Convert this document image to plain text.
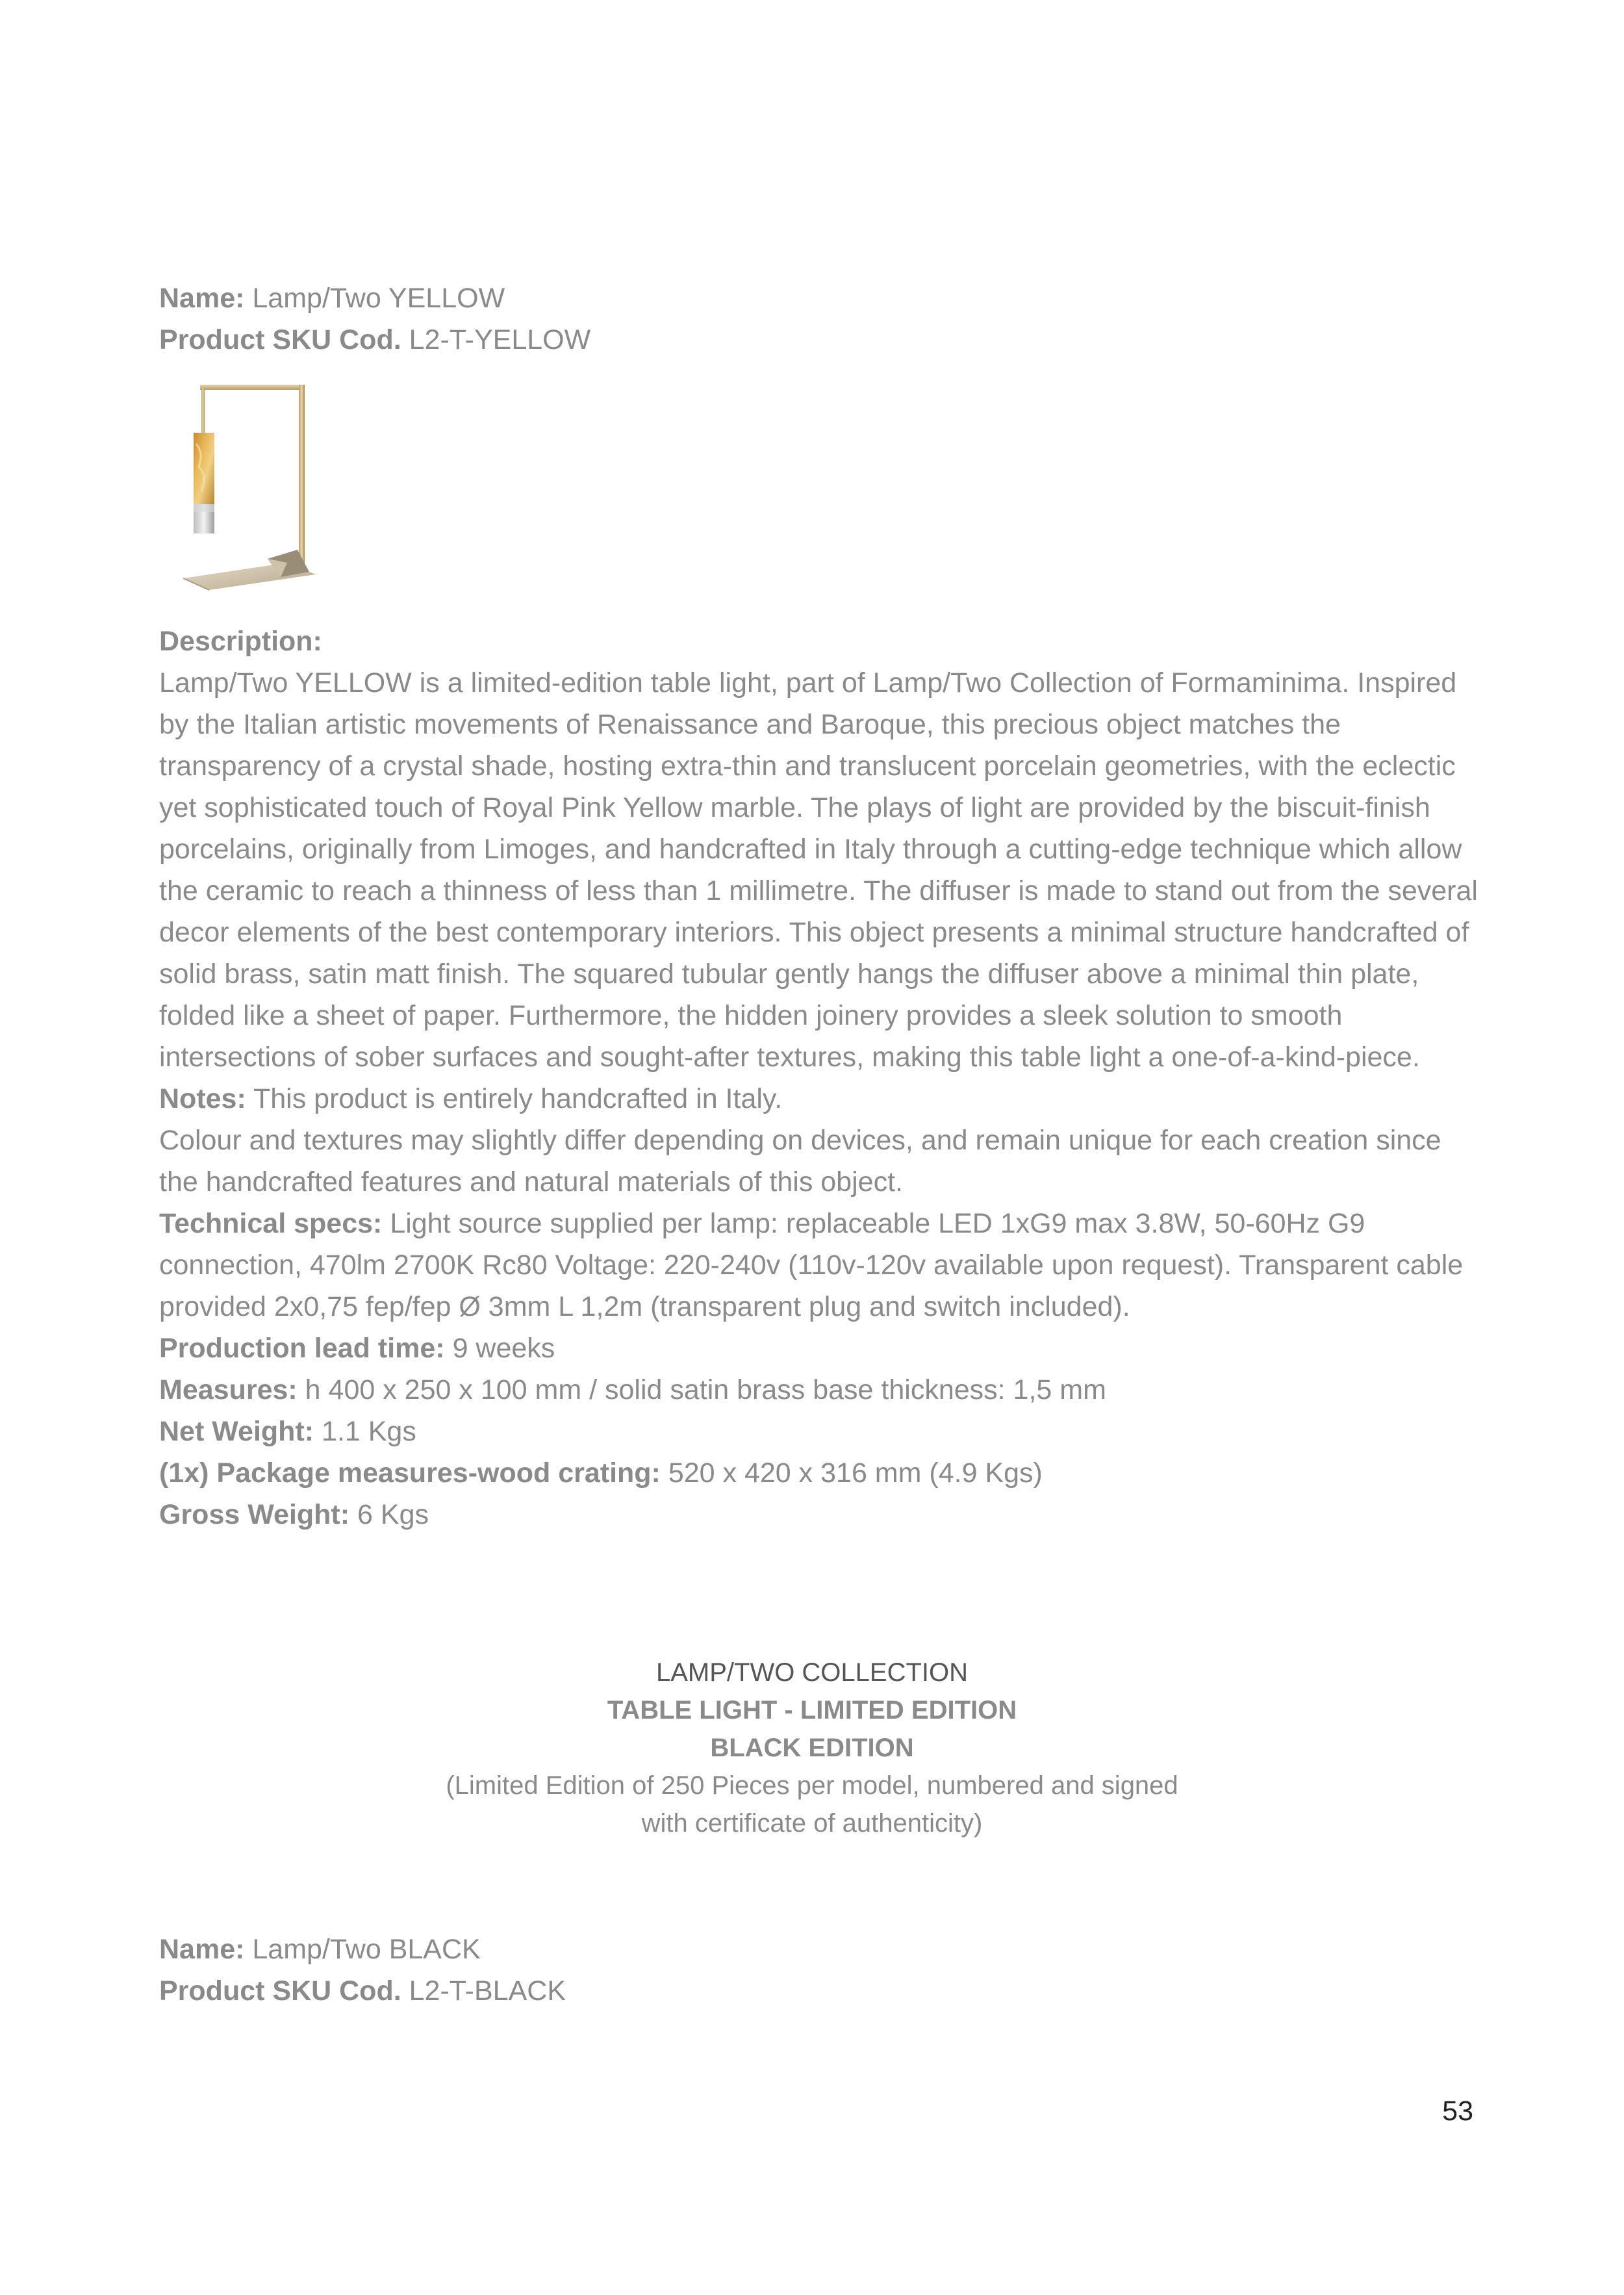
Name: Lamp/Two YELLOW
Product SKU Cod. L2-T-YELLOW
Description:
Lamp/Two YELLOW is a limited-edition table light, part of Lamp/Two Collection of Formaminima. Inspired by the Italian artistic movements of Renaissance and Baroque, this precious object matches the transparency of a crystal shade, hosting extra-thin and translucent porcelain geometries, with the eclectic yet sophisticated touch of Royal Pink Yellow marble. The plays of light are provided by the biscuit-finish porcelains, originally from Limoges, and handcrafted in Italy through a cutting-edge technique which allow the ceramic to reach a thinness of less than 1 millimetre. The diffuser is made to stand out from the several decor elements of the best contemporary interiors. This object presents a minimal structure handcrafted of solid brass, satin matt finish. The squared tubular gently hangs the diffuser above a minimal thin plate, folded like a sheet of paper. Furthermore, the hidden joinery provides a sleek solution to smooth intersections of sober surfaces and sought-after textures, making this table light a one-of-a-kind-piece.
Notes: This product is entirely handcrafted in Italy.
Colour and textures may slightly differ depending on devices, and remain unique for each creation since the handcrafted features and natural materials of this object.
Technical specs: Light source supplied per lamp: replaceable LED 1xG9 max 3.8W, 50-60Hz G9 connection, 470lm 2700K Rc80 Voltage: 220-240v (110v-120v available upon request). Transparent cable provided 2x0,75 fep/fep Ø 3mm L 1,2m (transparent plug and switch included).
Production lead time: 9 weeks
Measures: h 400 x 250 x 100 mm / solid satin brass base thickness: 1,5 mm
Net Weight: 1.1 Kgs
(1x) Package measures-wood crating: 520 x 420 x 316 mm (4.9 Kgs)
Gross Weight: 6 Kgs
LAMP/TWO COLLECTION
TABLE LIGHT - LIMITED EDITION
BLACK EDITION
(Limited Edition of 250 Pieces per model, numbered and signed
with certificate of authenticity)
Name: Lamp/Two BLACK
Product SKU Cod. L2-T-BLACK
53
